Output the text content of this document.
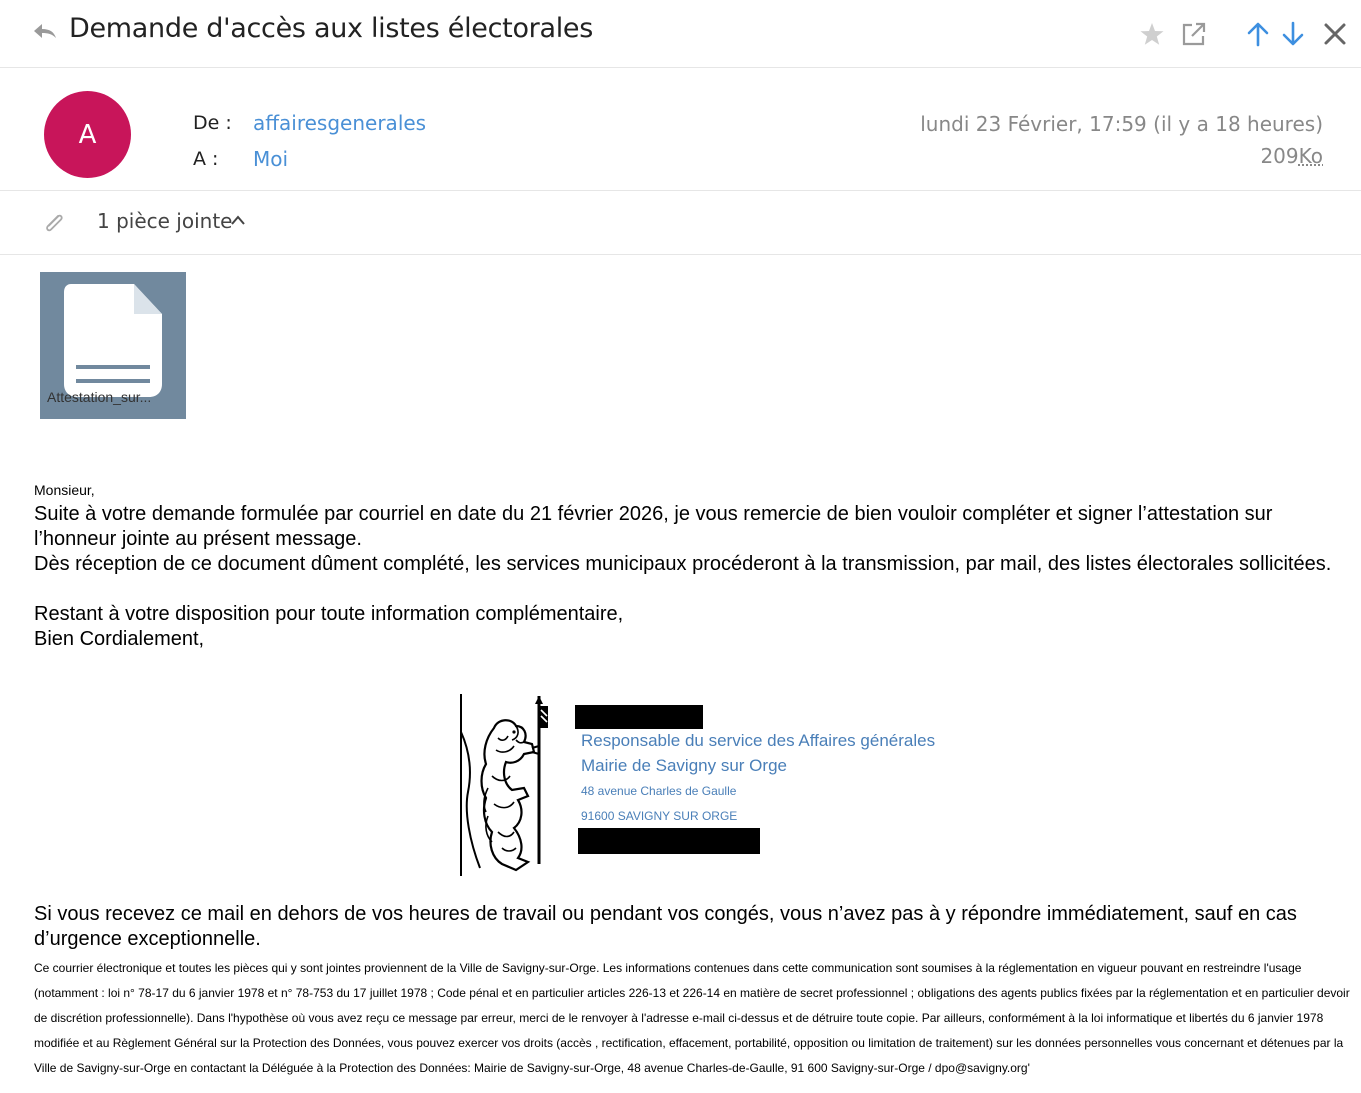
Demande d'accès aux listes électorales
A	De : affairesgenerales
A : Moi
lundi 23 Février, 17:59 (il y a 18 heures)
209Ko
1 pièce jointe
Attestation_sur...
Monsieur,
Suite à votre demande formulée par courriel en date du 21 février 2026, je vous remercie de bien vouloir compléter et signer l’attestation sur l’honneur jointe au présent message.
Dès réception de ce document dûment complété, les services municipaux procéderont à la transmission, par mail, des listes électorales sollicitées.
Restant à votre disposition pour toute information complémentaire,
Bien Cordialement,
Responsable du service des Affaires générales
Mairie de Savigny sur Orge
48 avenue Charles de Gaulle
91600 SAVIGNY SUR ORGE
Si vous recevez ce mail en dehors de vos heures de travail ou pendant vos congés, vous n’avez pas à y répondre immédiatement, sauf en cas d’urgence exceptionnelle.
Ce courrier électronique et toutes les pièces qui y sont jointes proviennent de la Ville de Savigny-sur-Orge. Les informations contenues dans cette communication sont soumises à la réglementation en vigueur pouvant en restreindre l'usage (notamment : loi n° 78-17 du 6 janvier 1978 et n° 78-753 du 17 juillet 1978 ; Code pénal et en particulier articles 226-13 et 226-14 en matière de secret professionnel ; obligations des agents publics fixées par la réglementation et en particulier devoir de discrétion professionnelle). Dans l'hypothèse où vous avez reçu ce message par erreur, merci de le renvoyer à l'adresse e-mail ci-dessus et de détruire toute copie. Par ailleurs, conformément à la loi informatique et libertés du 6 janvier 1978 modifiée et au Règlement Général sur la Protection des Données, vous pouvez exercer vos droits (accès , rectification, effacement, portabilité, opposition ou limitation de traitement) sur les données personnelles vous concernant et détenues par la Ville de Savigny-sur-Orge en contactant la Déléguée à la Protection des Données: Mairie de Savigny-sur-Orge, 48 avenue Charles-de-Gaulle, 91 600 Savigny-sur-Orge / dpo@savigny.org'
